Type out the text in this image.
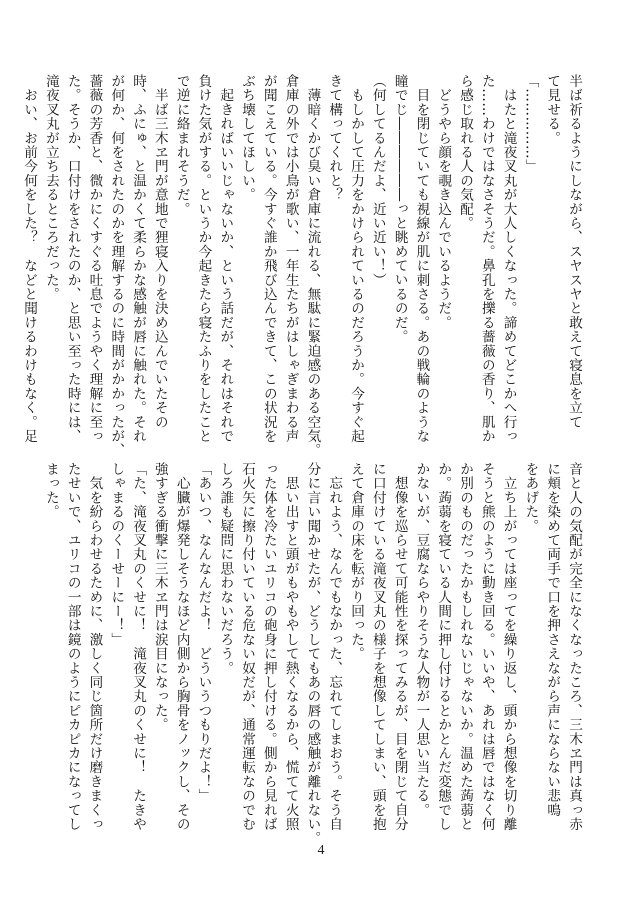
半ば祈るようにしながら、スヤスヤと敢えて寝息を立て
て見せる。
「……………」
　はたと滝夜叉丸が大人しくなった。諦めてどこかへ行っ
た……わけではなさそうだ。鼻孔を擽る薔薇の香り、肌か
ら感じ取れる人の気配。
　どうやら顔を覗き込んでいるようだ。
　目を閉じていても視線が肌に刺さる。あの戦輪のような
瞳でじ――――――っと眺めているのだ。
（何してるんだよ、近い近い！）
　もしかして圧力をかけられているのだろうか。今すぐ起
きて構ってくれと？
　薄暗くかび臭い倉庫に流れる、無駄に緊迫感のある空気。
倉庫の外では小鳥が歌い、一年生たちがはしゃぎまわる声
が聞こえている。今すぐ誰か飛び込んできて、この状況を
ぶち壊してほしい。
　起きればいいじゃないか、という話だが、それはそれで
負けた気がする。というか今起きたら寝たふりをしたこと
で逆に絡まれそうだ。
　半ば三木ヱ門が意地で狸寝入りを決め込んでいたその
時、ふにゅ、と温かくて柔らかな感触が唇に触れた。それ
が何か、何をされたのかを理解するのに時間がかかったが、
薔薇の芳香と、微かにくすぐる吐息でようやく理解に至っ
た。そうか、口付けをされたのか、と思い至った時には、
滝夜叉丸が立ち去るところだった。
　おい、お前今何をした？　などと聞けるわけもなく。足
音と人の気配が完全になくなったころ、三木ヱ門は真っ赤
に頬を染めて両手で口を押さえながら声にならない悲鳴
をあげた。
　立ち上がっては座ってを繰り返し、頭から想像を切り離
そうと熊のように動き回る。いいや、あれは唇ではなく何
か別のものだったかもしれないじゃないか。温めた蒟蒻と
か。蒟蒻を寝ている人間に押し付けるとかとんだ変態でし
かないが、豆腐ならやりそうな人物が一人思い当たる。
　想像を巡らせて可能性を探ってみるが、目を閉じて自分
に口付けている滝夜叉丸の様子を想像してしまい、頭を抱
えて倉庫の床を転がり回った。
　忘れよう、なんでもなかった、忘れてしまおう。そう自
分に言い聞かせたが、どうしてもあの唇の感触が離れない。
　思い出すと頭がもやもやして熱くなるから、慌てて火照
った体を冷たいユリコの砲身に押し付ける。側から見れば
石火矢に擦り付いている危ない奴だが、通常運転なのでむ
しろ誰も疑問に思わないだろう。
「あいつ、なんなんだよ！　どういうつもりだよ！」
　心臓が爆発しそうなほど内側から胸骨をノックし、その
強すぎる衝撃に三木ヱ門は涙目になった。
「た、滝夜叉丸のくせに！　滝夜叉丸のくせに！　たきや
しゃまるのくーせーにー！」
　気を紛らわせるために、激しく同じ箇所だけ磨きまくっ
たせいで、ユリコの一部は鏡のようにピカピカになってし
まった。
4
